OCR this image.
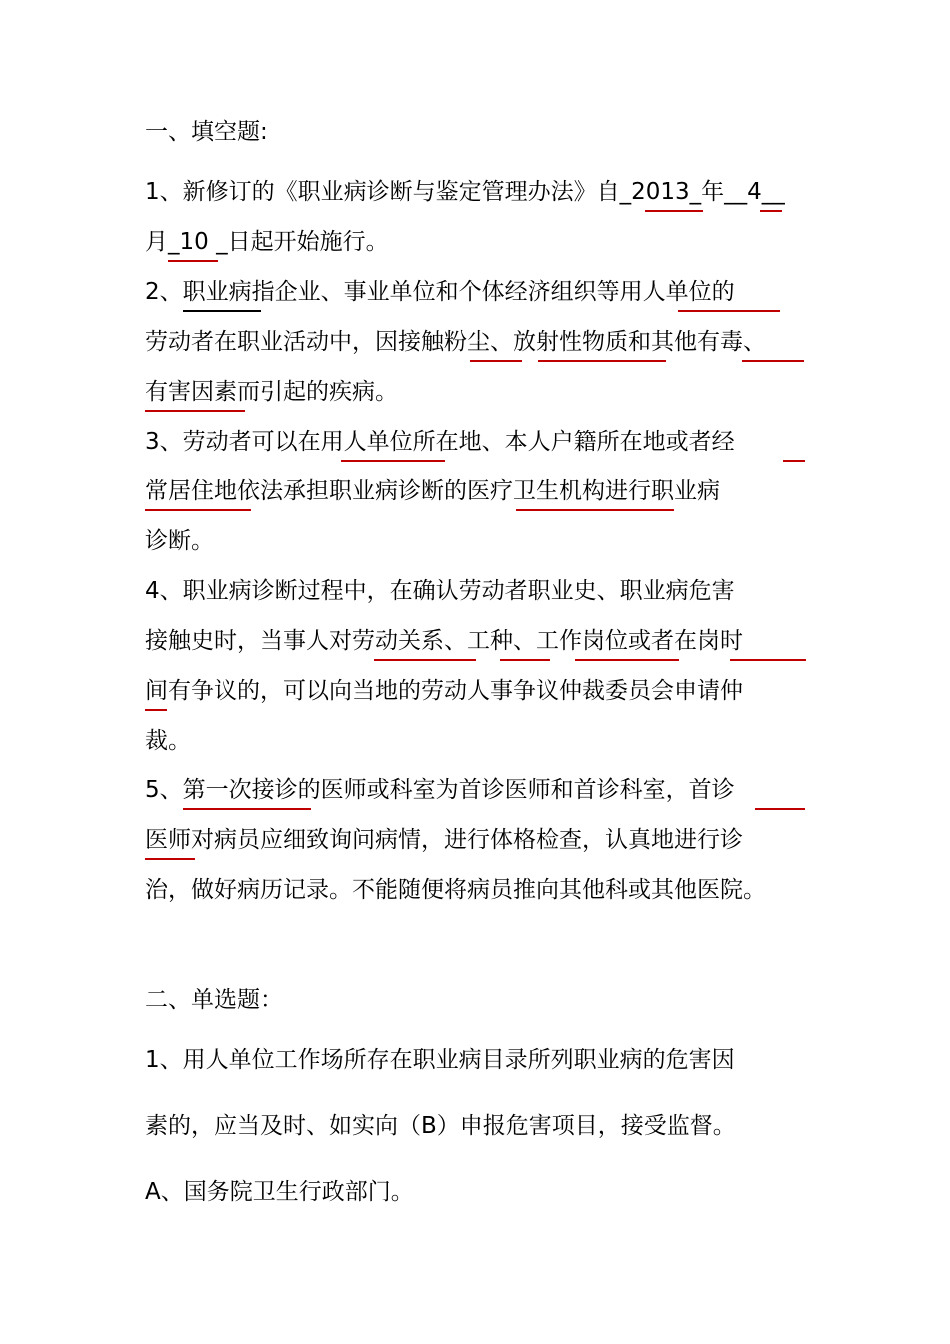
一、填空题:
1、新修订的《职业病诊断与鉴定管理办法》自_2013_年__4__
月_10 _日起开始施行。
2、职业病指企业、事业单位和个体经济组织等用人单位的
劳动者在职业活动中，因接触粉尘、放射性物质和其他有毒、
有害因素而引起的疾病。
3、劳动者可以在用人单位所在地、本人户籍所在地或者经
常居住地依法承担职业病诊断的医疗卫生机构进行职业病
诊断。
4、职业病诊断过程中，在确认劳动者职业史、职业病危害
接触史时，当事人对劳动关系、工种、工作岗位或者在岗时
间有争议的，可以向当地的劳动人事争议仲裁委员会申请仲
裁。
5、第一次接诊的医师或科室为首诊医师和首诊科室，首诊
医师对病员应细致询问病情，进行体格检查，认真地进行诊
治，做好病历记录。不能随便将病员推向其他科或其他医院。
二、单选题：
1、用人单位工作场所存在职业病目录所列职业病的危害因
素的，应当及时、如实向（B）申报危害项目，接受监督。
A、国务院卫生行政部门。
